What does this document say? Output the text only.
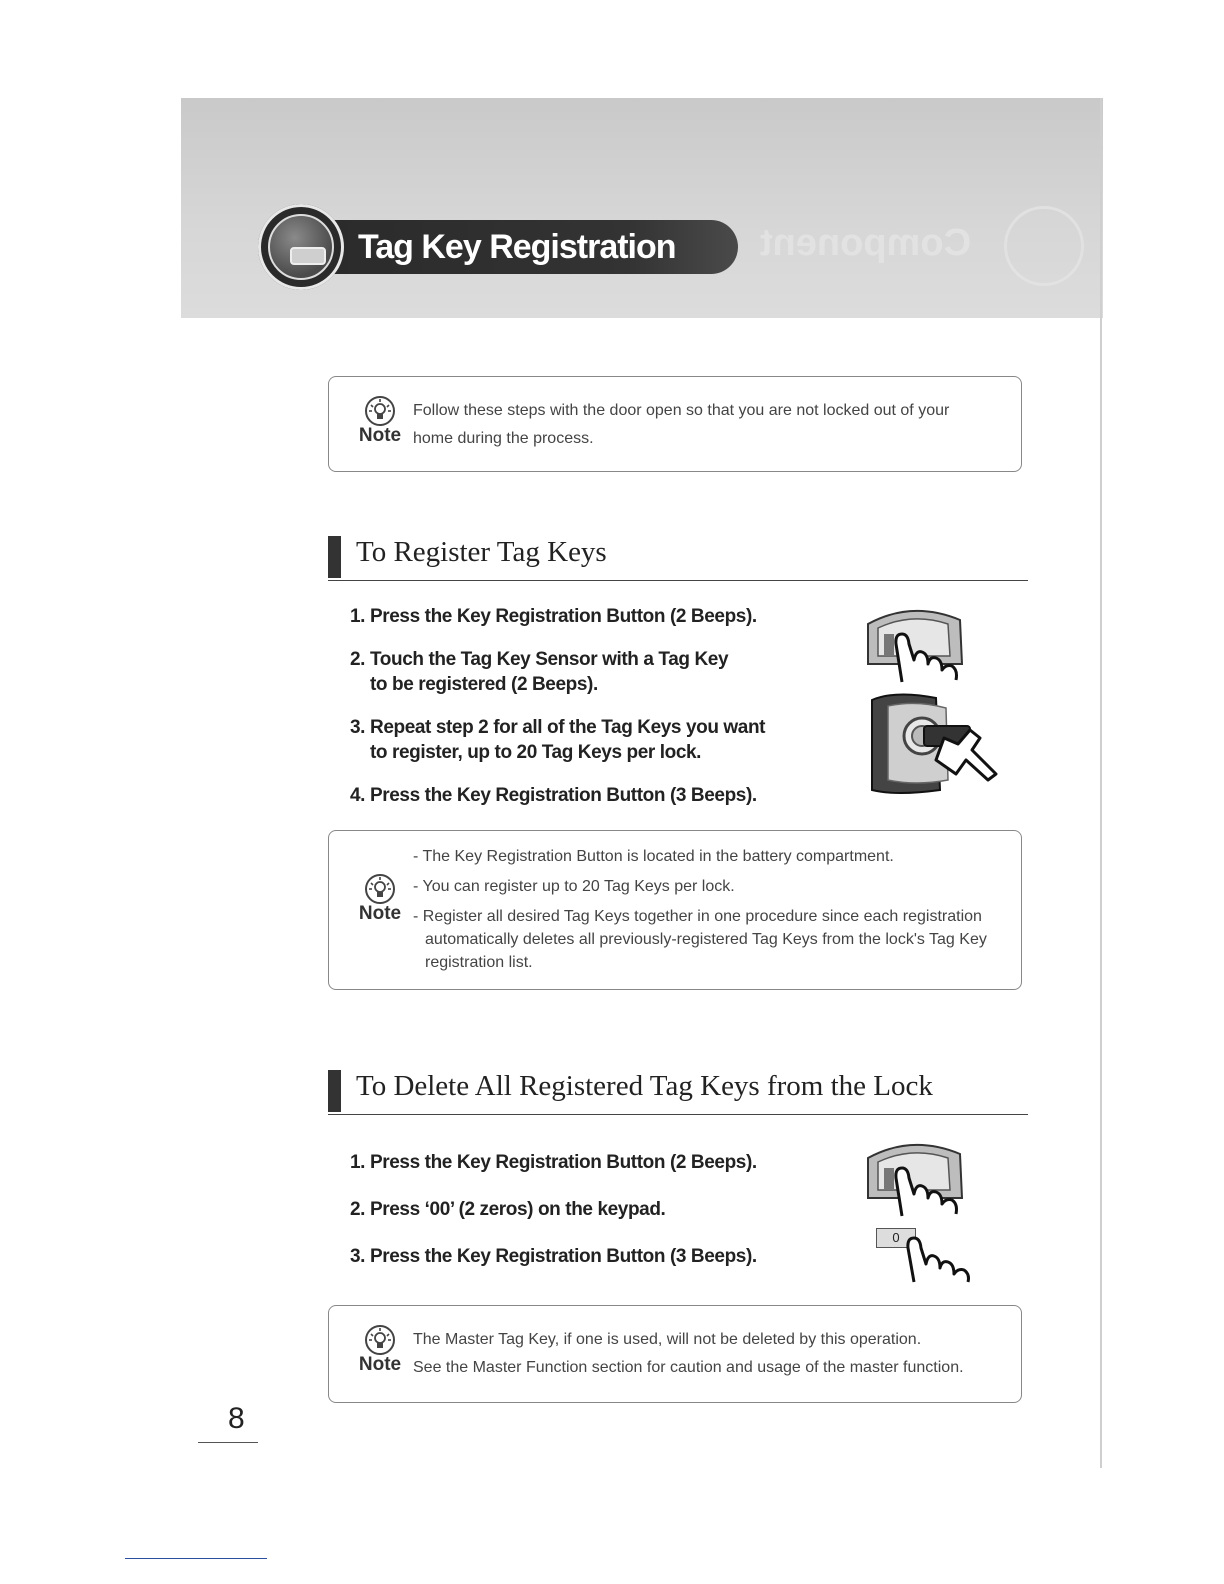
Component
Tag Key Registration
Note
Follow these steps with the door open so that you are not locked out of your
home during the process.
To Register Tag Keys
1. Press the Key Registration Button (2 Beeps).
2. Touch the Tag Key Sensor with a Tag Key
to be registered (2 Beeps).
3. Repeat step 2 for all of the Tag Keys you want
to register, up to 20 Tag Keys per lock.
4. Press the Key Registration Button (3 Beeps).
Note
- The Key Registration Button is located in the battery compartment.
- You can register up to 20 Tag Keys per lock.
- Register all desired Tag Keys together in one procedure since each registration automatically deletes all previously-registered Tag Keys from the lock's Tag Key registration list.
To Delete All Registered Tag Keys from the Lock
1. Press the Key Registration Button (2 Beeps).
2. Press ‘00’ (2 zeros) on the keypad.
3. Press the Key Registration Button (3 Beeps).
0
Note
The Master Tag Key, if one is used, will not be deleted by this operation.
See the Master Function section for caution and usage of the master function.
8
